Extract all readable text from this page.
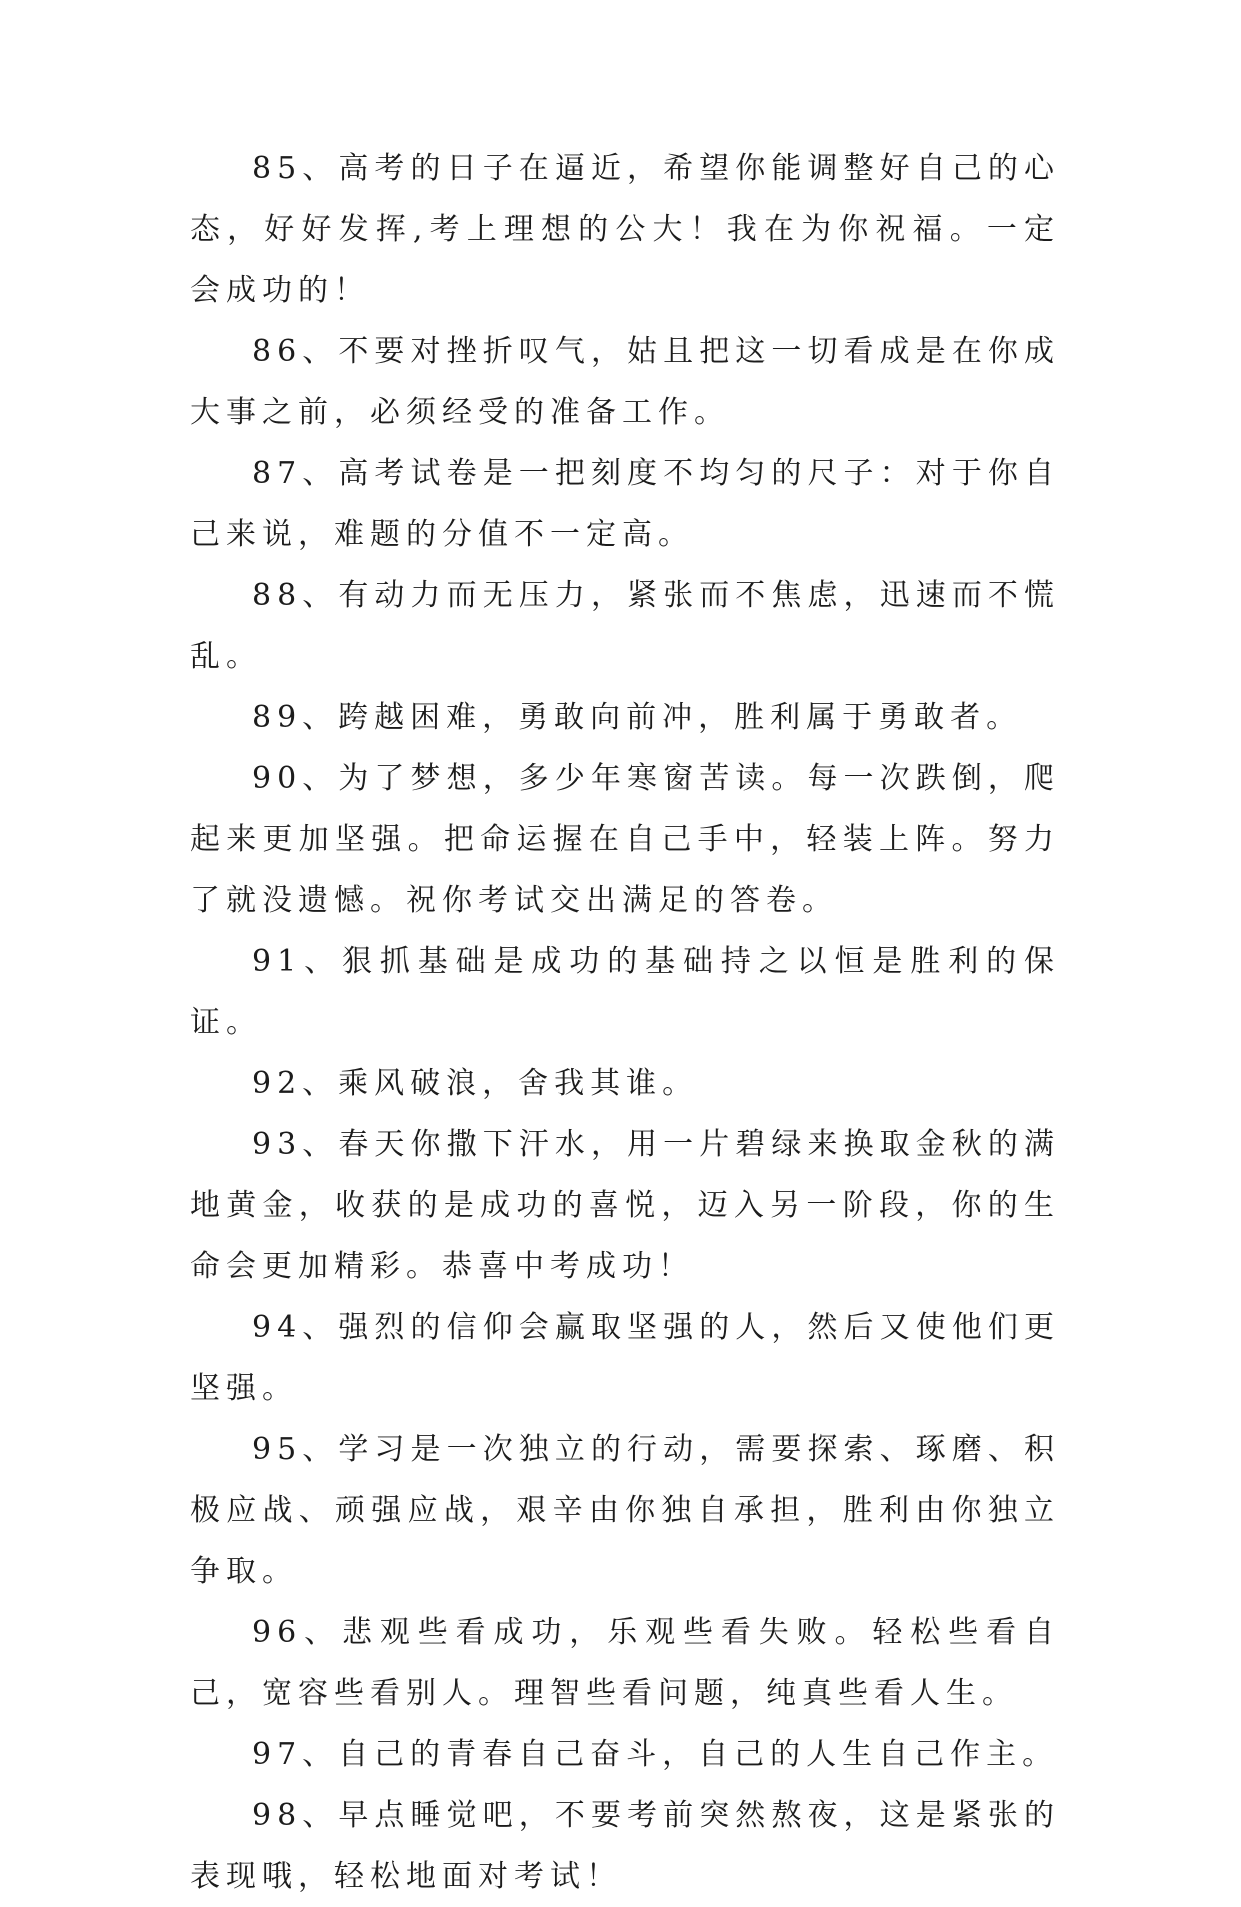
85、高考的日子在逼近，希望你能调整好自己的心态，好好发挥,考上理想的公大！我在为你祝福。一定会成功的！

86、不要对挫折叹气，姑且把这一切看成是在你成大事之前，必须经受的准备工作。

87、高考试卷是一把刻度不均匀的尺子：对于你自己来说，难题的分值不一定高。

88、有动力而无压力，紧张而不焦虑，迅速而不慌乱。

89、跨越困难，勇敢向前冲，胜利属于勇敢者。

90、为了梦想，多少年寒窗苦读。每一次跌倒，爬起来更加坚强。把命运握在自己手中，轻装上阵。努力了就没遗憾。祝你考试交出满足的答卷。

91、狠抓基础是成功的基础持之以恒是胜利的保证。

92、乘风破浪，舍我其谁。

93、春天你撒下汗水，用一片碧绿来换取金秋的满地黄金，收获的是成功的喜悦，迈入另一阶段，你的生命会更加精彩。恭喜中考成功！

94、强烈的信仰会赢取坚强的人，然后又使他们更坚强。

95、学习是一次独立的行动，需要探索、琢磨、积极应战、顽强应战，艰辛由你独自承担，胜利由你独立争取。

96、悲观些看成功，乐观些看失败。轻松些看自己，宽容些看别人。理智些看问题，纯真些看人生。

97、自己的青春自己奋斗，自己的人生自己作主。

98、早点睡觉吧，不要考前突然熬夜，这是紧张的表现哦，轻松地面对考试！
